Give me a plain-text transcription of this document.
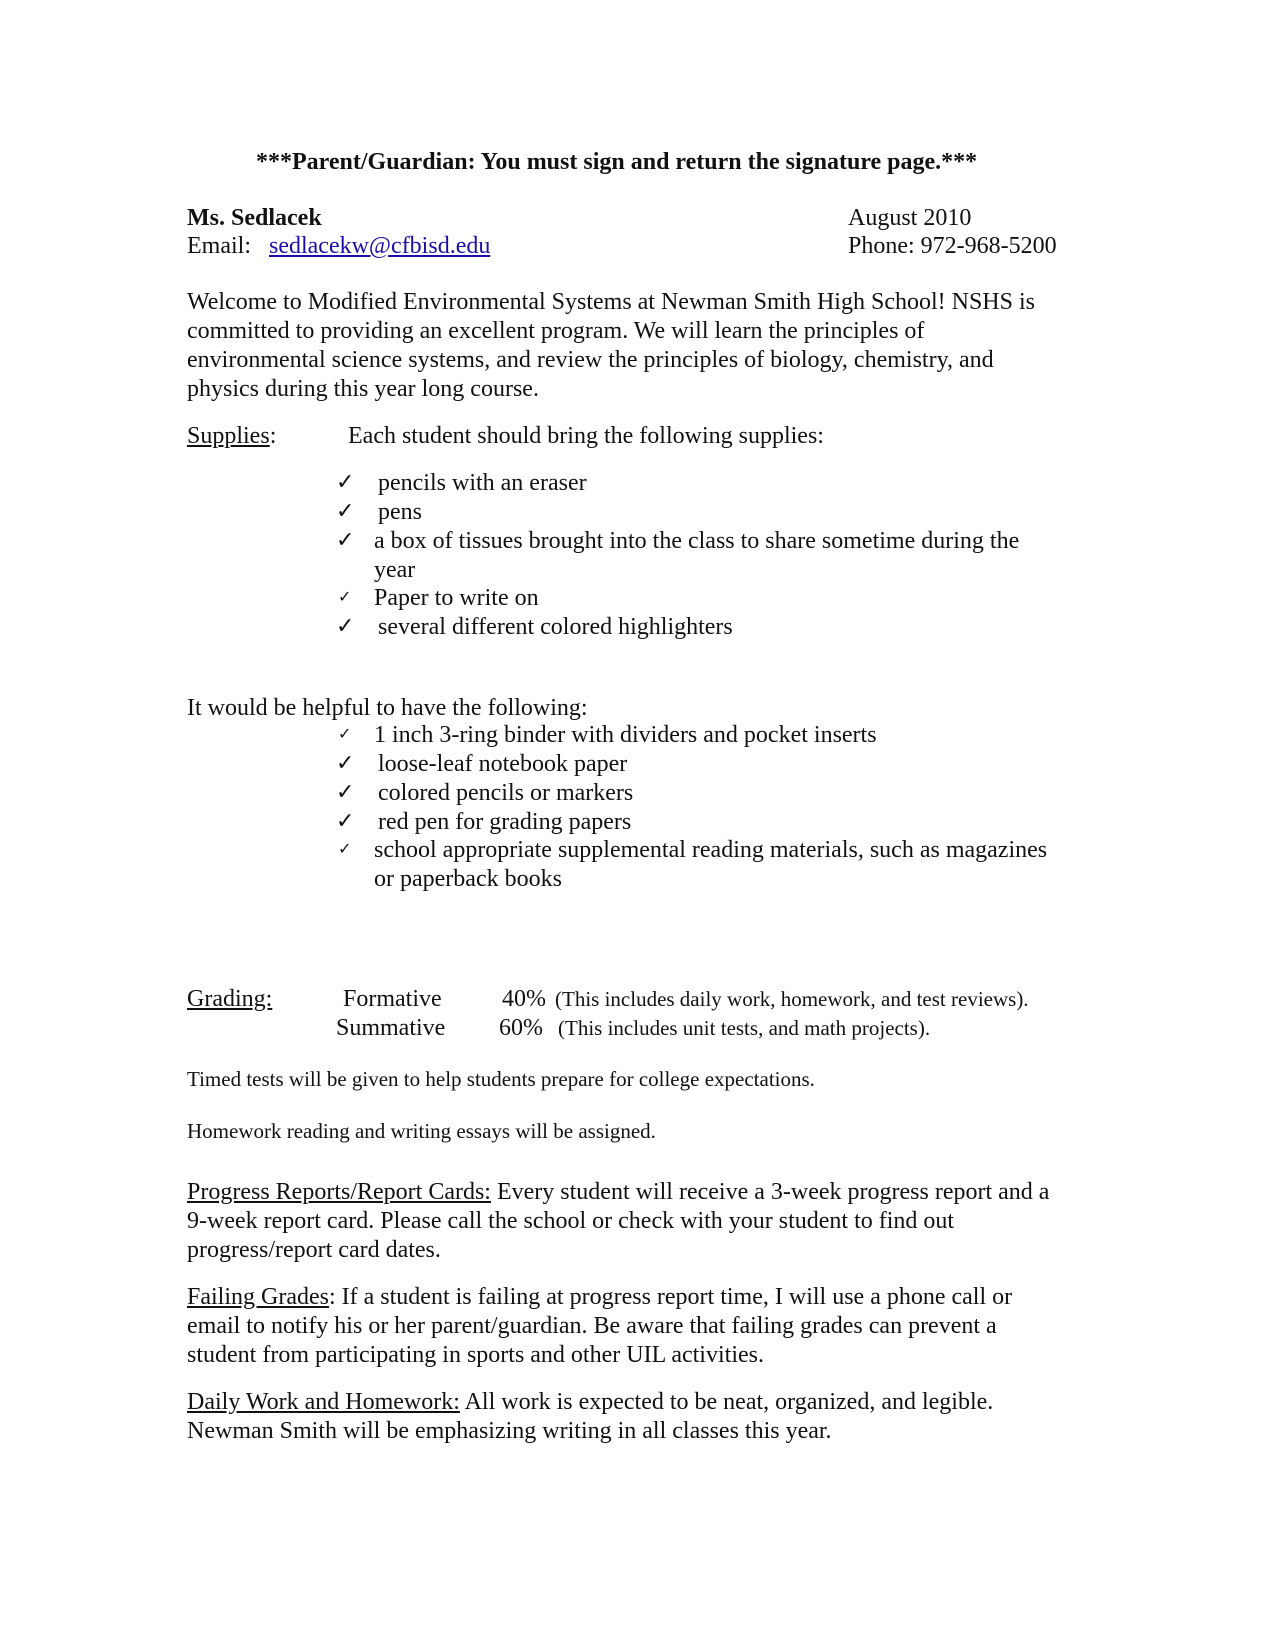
***Parent/Guardian: You must sign and return the signature page.***
Ms. Sedlacek
Email: sedlacekw@cfbisd.edu
August 2010
Phone: 972-968-5200
Welcome to Modified Environmental Systems at Newman Smith High School! NSHS is
committed to providing an excellent program. We will learn the principles of
environmental science systems, and review the principles of biology, chemistry, and
physics during this year long course.
Supplies:	Each student should bring the following supplies:
✓ pencils with an eraser
✓ pens
✓ a box of tissues brought into the class to share sometime during the
year
✓ Paper to write on
✓ several different colored highlighters
It would be helpful to have the following:
✓ 1 inch 3-ring binder with dividers and pocket inserts
✓ loose-leaf notebook paper
✓ colored pencils or markers
✓ red pen for grading papers
✓ school appropriate supplemental reading materials, such as magazines
or paperback books
Grading:	Formative	40% (This includes daily work, homework, and test reviews).
Summative 60% (This includes unit tests, and math projects).
Timed tests will be given to help students prepare for college expectations.
Homework reading and writing essays will be assigned.
Progress Reports/Report Cards: Every student will receive a 3-week progress report and a
9-week report card. Please call the school or check with your student to find out
progress/report card dates.
Failing Grades: If a student is failing at progress report time, I will use a phone call or
email to notify his or her parent/guardian. Be aware that failing grades can prevent a
student from participating in sports and other UIL activities.
Daily Work and Homework: All work is expected to be neat, organized, and legible.
Newman Smith will be emphasizing writing in all classes this year.
